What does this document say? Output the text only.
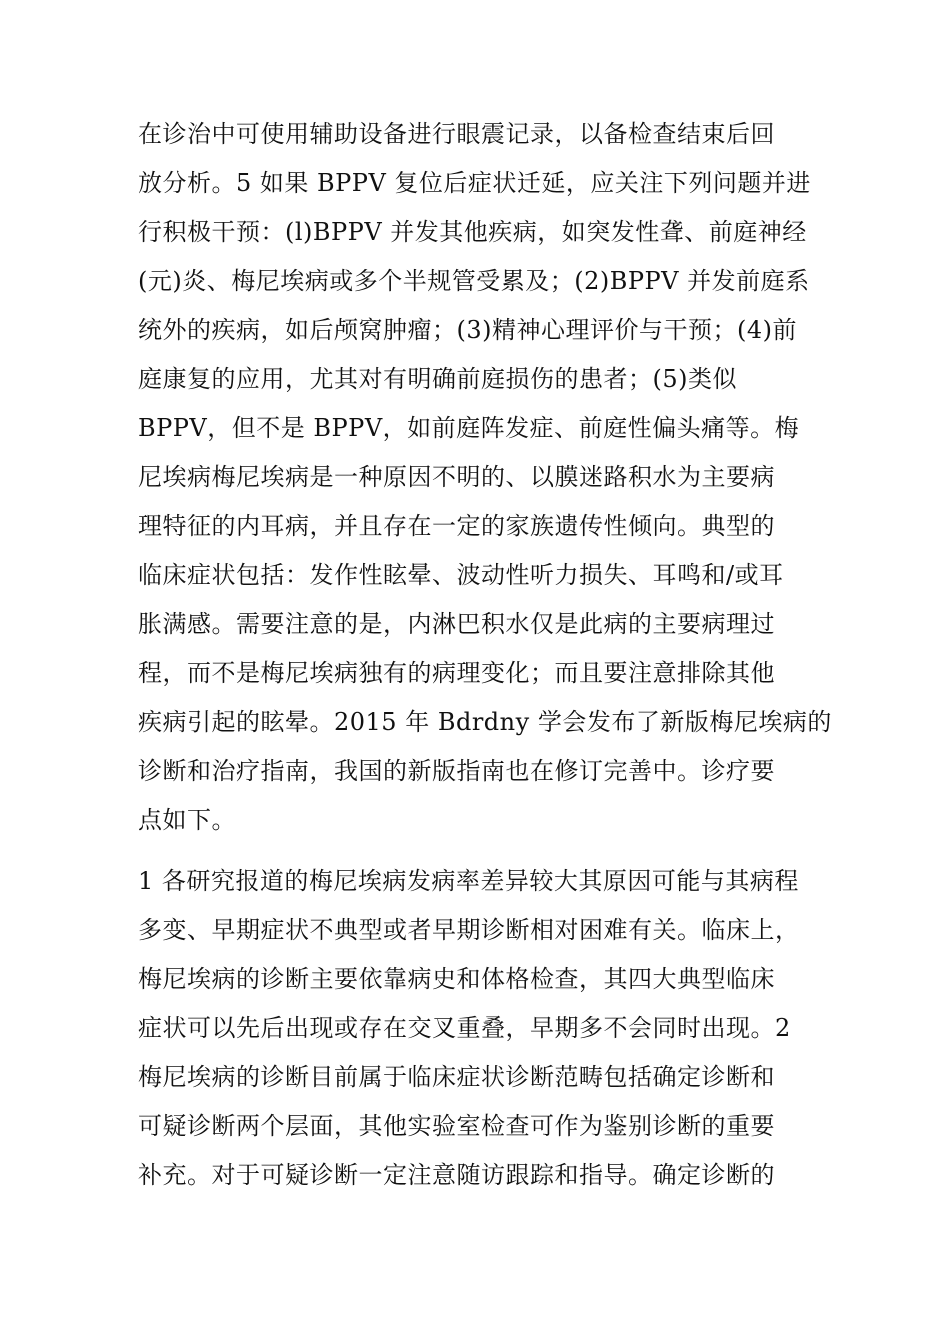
在诊治中可使用辅助设备进行眼震记录，以备检查结束后回
放分析。5 如果 BPPV 复位后症状迁延，应关注下列问题并进
行积极干预：(l)BPPV 并发其他疾病，如突发性聋、前庭神经
(元)炎、梅尼埃病或多个半规管受累及；(2)BPPV 并发前庭系
统外的疾病，如后颅窝肿瘤；(3)精神心理评价与干预；(4)前
庭康复的应用，尤其对有明确前庭损伤的患者；(5)类似
BPPV，但不是 BPPV，如前庭阵发症、前庭性偏头痛等。梅
尼埃病梅尼埃病是一种原因不明的、以膜迷路积水为主要病
理特征的内耳病，并且存在一定的家族遗传性倾向。典型的
临床症状包括：发作性眩晕、波动性听力损失、耳鸣和/或耳
胀满感。需要注意的是，内淋巴积水仅是此病的主要病理过
程，而不是梅尼埃病独有的病理变化；而且要注意排除其他
疾病引起的眩晕。2015 年 Bdrdny 学会发布了新版梅尼埃病的
诊断和治疗指南，我国的新版指南也在修订完善中。诊疗要
点如下。
1 各研究报道的梅尼埃病发病率差异较大其原因可能与其病程
多变、早期症状不典型或者早期诊断相对困难有关。临床上，
梅尼埃病的诊断主要依靠病史和体格检查，其四大典型临床
症状可以先后出现或存在交叉重叠，早期多不会同时出现。2
梅尼埃病的诊断目前属于临床症状诊断范畴包括确定诊断和
可疑诊断两个层面，其他实验室检查可作为鉴别诊断的重要
补充。对于可疑诊断一定注意随访跟踪和指导。确定诊断的
